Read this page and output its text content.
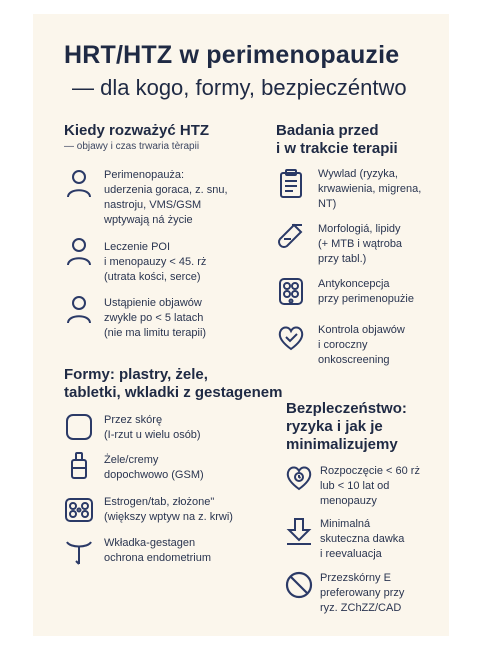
HRT/HTZ w perimenopauzie
— dla kogo, formy, bezpieczéntwo
Kiedy rozważyć HTZ
— objawy i czas trwaria tèrapii
Perimenopauża:
uderzenia goraca, z. snu,
nastroju, VMS/GSM
wptywają ná życie
Leczenie POI
i menopauzy < 45. rż
(utrata kości, serce)
Ustąpienie objawów
zwykle po < 5 latach
(nie ma limitu terapii)
Badania przed
i w trakcie terapii
Wywlad (ryzyka,
krwawienia, migrena,
NT)
Morfologiá, lipidy
(+ MTB i wątroba
przy tabl.)
Antykoncepcja
przy perimenopużie
Kontrola objawów
i coroczny
onkoscreening
Formy: plastry, żele,
tabletki, wkladki z gestagenem
Przez skórę
(I-rzut u wielu osób)
Żele/cremy
dopochwowo (GSM)
Estrogen/tab, złożone"
(większy wptyw na z. krwi)
Wkładka-gestagen
ochrona endometrium
Bezpleczeństwo:
ryzyka i jak je
minimalizujemy
Rozpoczęcie < 60 rż
lub < 10 lat od
menopauzy
Minimalná
skuteczna dawka
i reevaluacja
Przezskórny E
preferowany przy
ryz. ZChZZ/CAD
